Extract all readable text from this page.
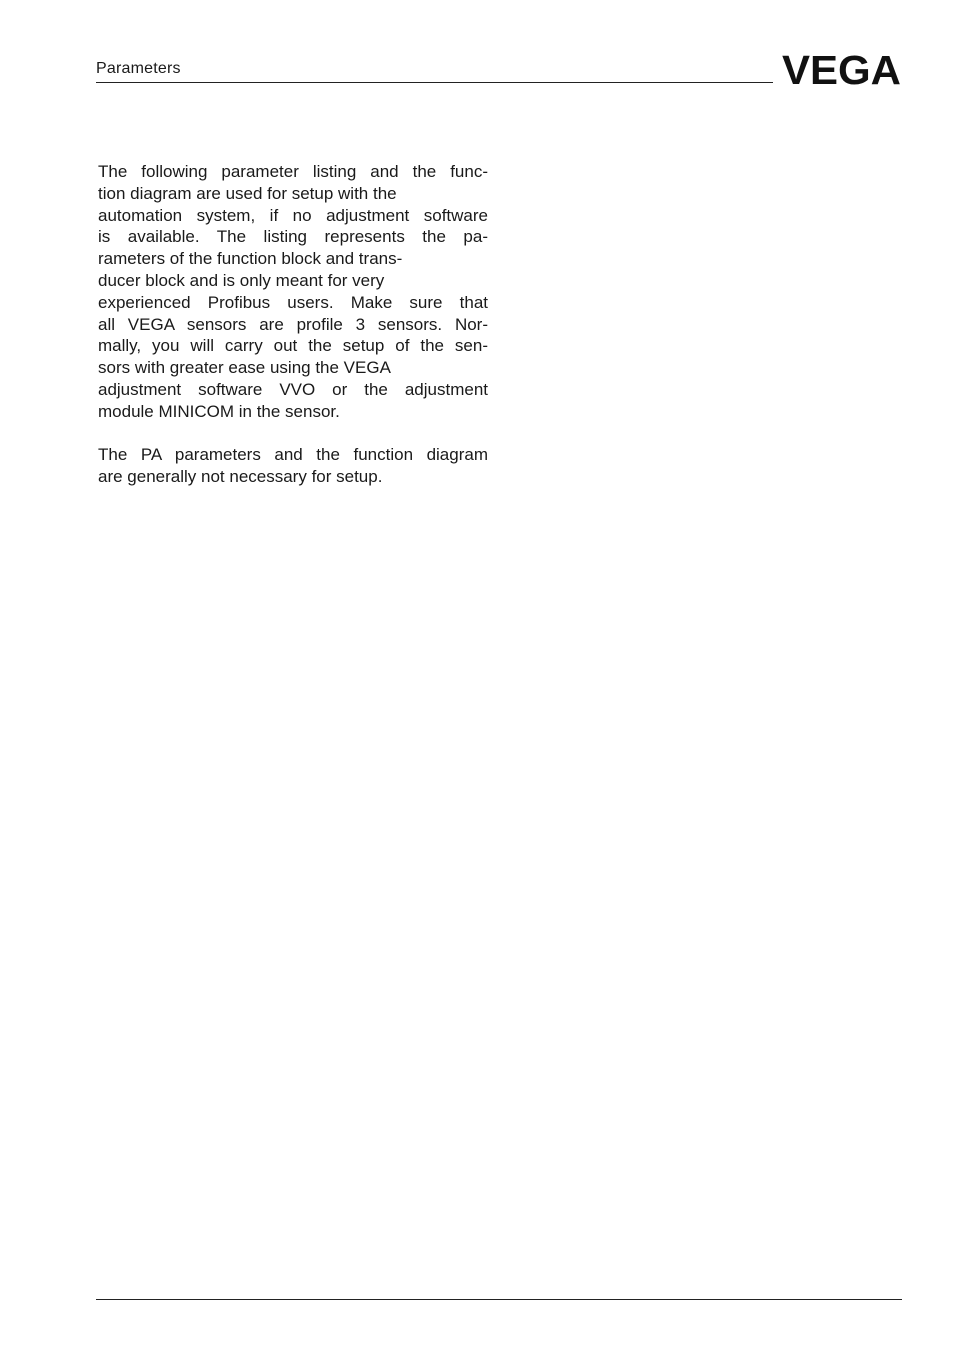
Parameters	VEGA
The following parameter listing and the func-
tion diagram are used for setup with the
automation system, if no adjustment software
is available. The listing represents the pa-
rameters of the function block and trans-
ducer block and is only meant for very
experienced Profibus users. Make sure that
all VEGA sensors are profile 3 sensors. Nor-
mally, you will carry out the setup of the sen-
sors with greater ease using the VEGA
adjustment software VVO or the adjustment
module MINICOM in the sensor.
The PA parameters and the function diagram
are generally not necessary for setup.
